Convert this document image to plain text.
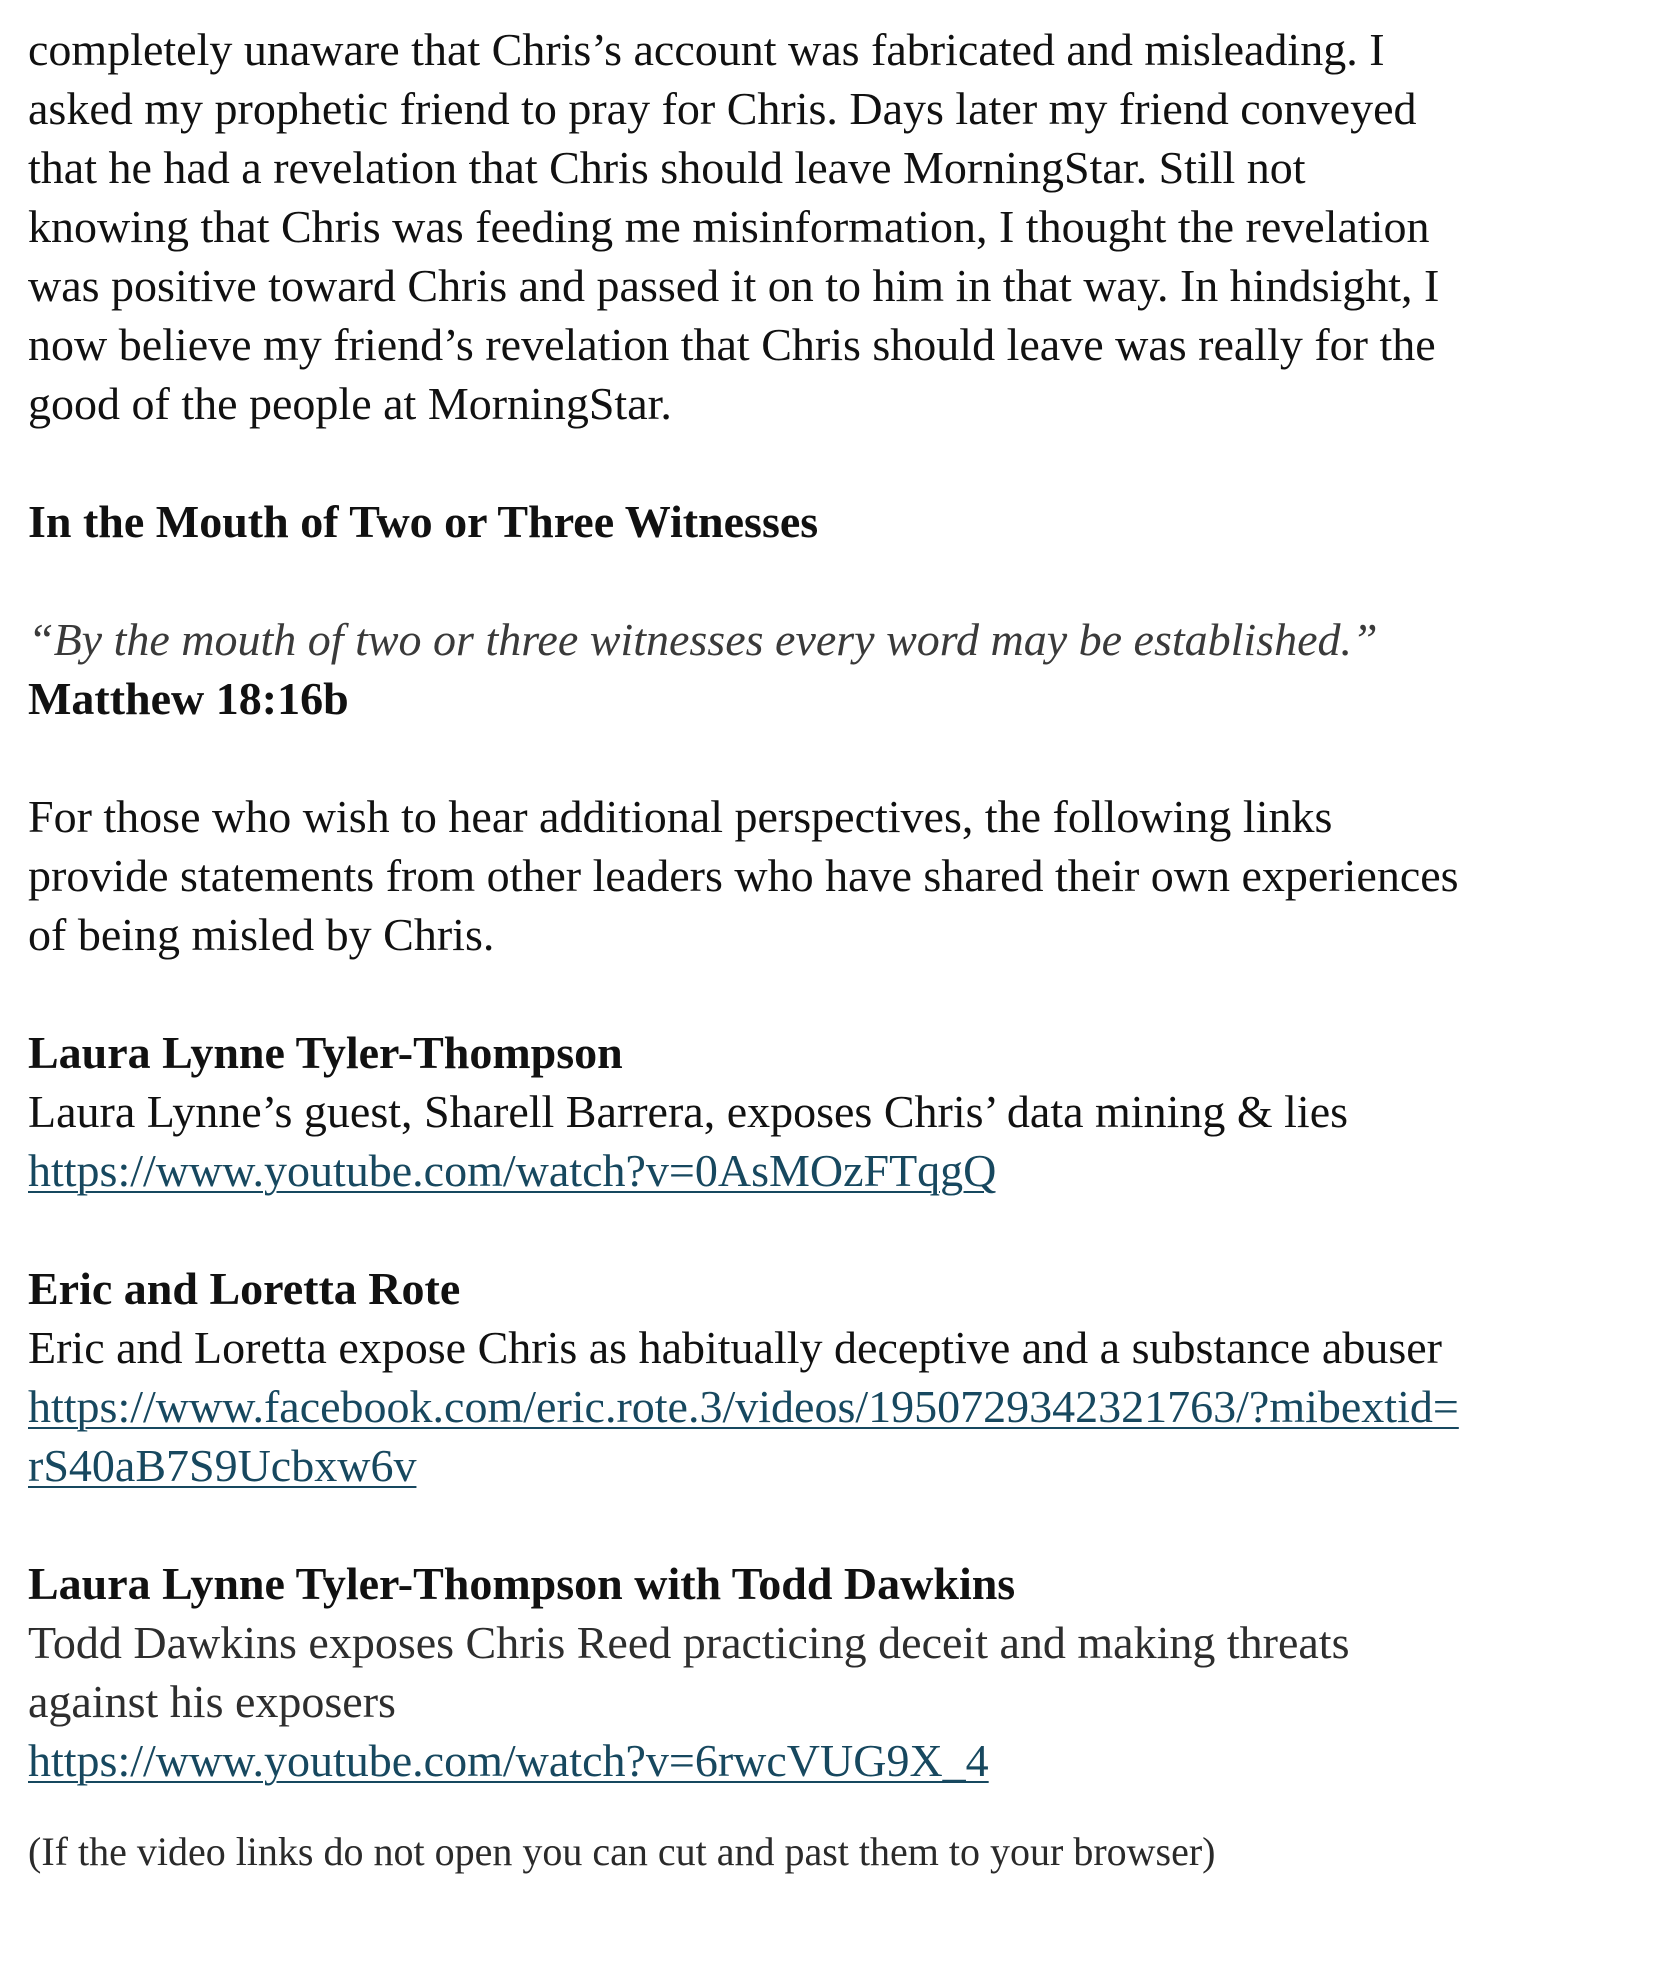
completely unaware that Chris’s account was fabricated and misleading. I
asked my prophetic friend to pray for Chris. Days later my friend conveyed
that he had a revelation that Chris should leave MorningStar. Still not
knowing that Chris was feeding me misinformation, I thought the revelation
was positive toward Chris and passed it on to him in that way. In hindsight, I
now believe my friend’s revelation that Chris should leave was really for the
good of the people at MorningStar.

In the Mouth of Two or Three Witnesses

“By the mouth of two or three witnesses every word may be established.”

Matthew 18:16b

For those who wish to hear additional perspectives, the following links
provide statements from other leaders who have shared their own experiences
of being misled by Chris.

Laura Lynne Tyler-Thompson

Laura Lynne’s guest, Sharell Barrera, exposes Chris’ data mining & lies

https://www.youtube.com/watch?v=0AsMOzFTqgQ

Eric and Loretta Rote

Eric and Loretta expose Chris as habitually deceptive and a substance abuser

https://www.facebook.com/eric.rote.3/videos/1950729342321763/?mibextid=
rS40aB7S9Ucbxw6v

Laura Lynne Tyler-Thompson with Todd Dawkins

Todd Dawkins exposes Chris Reed practicing deceit and making threats
against his exposers

https://www.youtube.com/watch?v=6rwcVUG9X_4

(If the video links do not open you can cut and past them to your browser)
